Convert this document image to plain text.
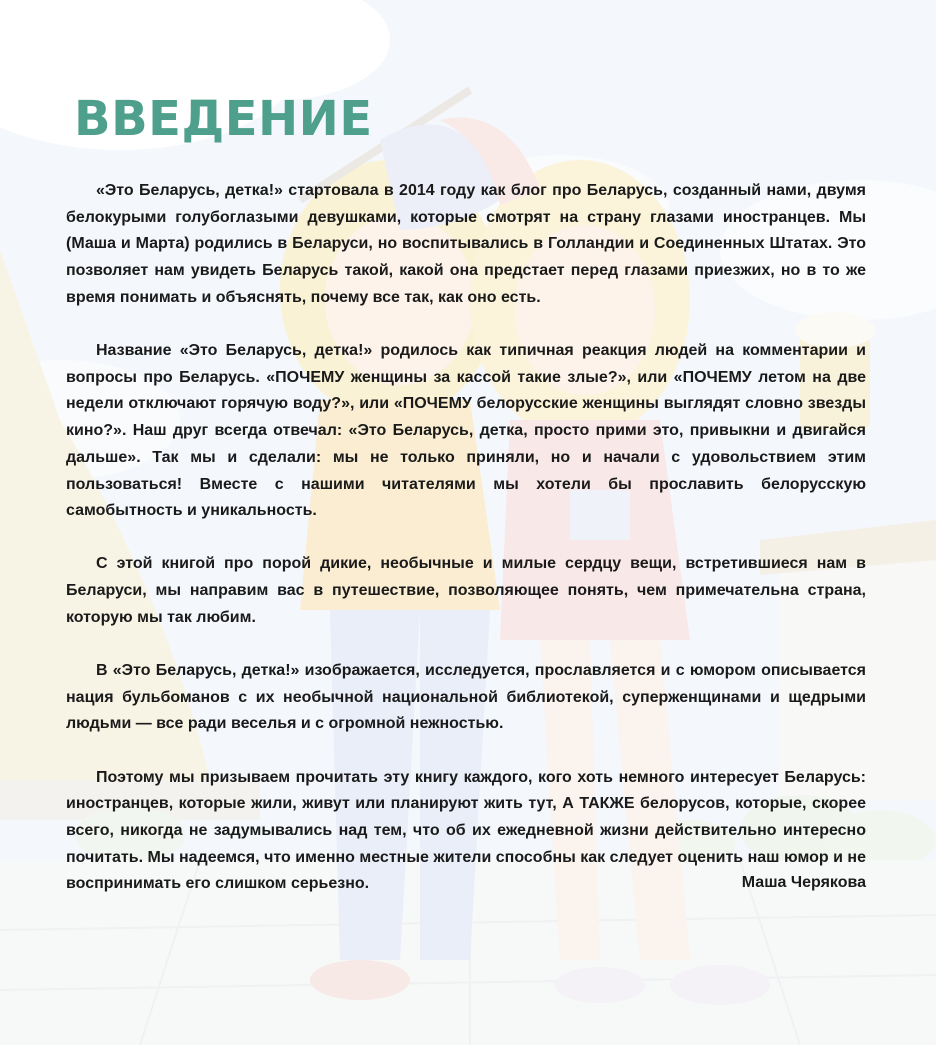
ВВЕДЕНИЕ

«Это Беларусь, детка!» стартовала в 2014 году как блог про Беларусь, созданный нами, двумя белокурыми голубоглазыми девушками, которые смотрят на страну глазами иностранцев. Мы (Маша и Марта) родились в Беларуси, но воспитывались в Голландии и Соединенных Штатах. Это позволяет нам увидеть Беларусь такой, какой она предстает перед глазами приезжих, но в то же время понимать и объяснять, почему все так, как оно есть.

Название «Это Беларусь, детка!» родилось как типичная реакция людей на комментарии и вопросы про Беларусь. «ПОЧЕМУ женщины за кассой такие злые?», или «ПОЧЕМУ летом на две недели отключают горячую воду?», или «ПОЧЕМУ белорусские женщины выглядят словно звезды кино?». Наш друг всегда отвечал: «Это Беларусь, детка, просто прими это, привыкни и двигайся дальше». Так мы и сделали: мы не только приняли, но и начали с удовольствием этим пользоваться! Вместе с нашими читателями мы хотели бы прославить белорусскую самобытность и уникальность.

С этой книгой про порой дикие, необычные и милые сердцу вещи, встретившиеся нам в Беларуси, мы направим вас в путешествие, позволяющее понять, чем примечательна страна, которую мы так любим.

В «Это Беларусь, детка!» изображается, исследуется, прославляется и с юмором описывается нация бульбоманов с их необычной национальной библиотекой, суперженщинами и щедрыми людьми — все ради веселья и с огромной нежностью.

Поэтому мы призываем прочитать эту книгу каждого, кого хоть немного интересует Беларусь: иностранцев, которые жили, живут или планируют жить тут, А ТАКЖЕ белорусов, которые, скорее всего, никогда не задумывались над тем, что об их ежедневной жизни действительно интересно почитать. Мы надеемся, что именно местные жители способны как следует оценить наш юмор и не воспринимать его слишком серьезно.	Маша Черякова
